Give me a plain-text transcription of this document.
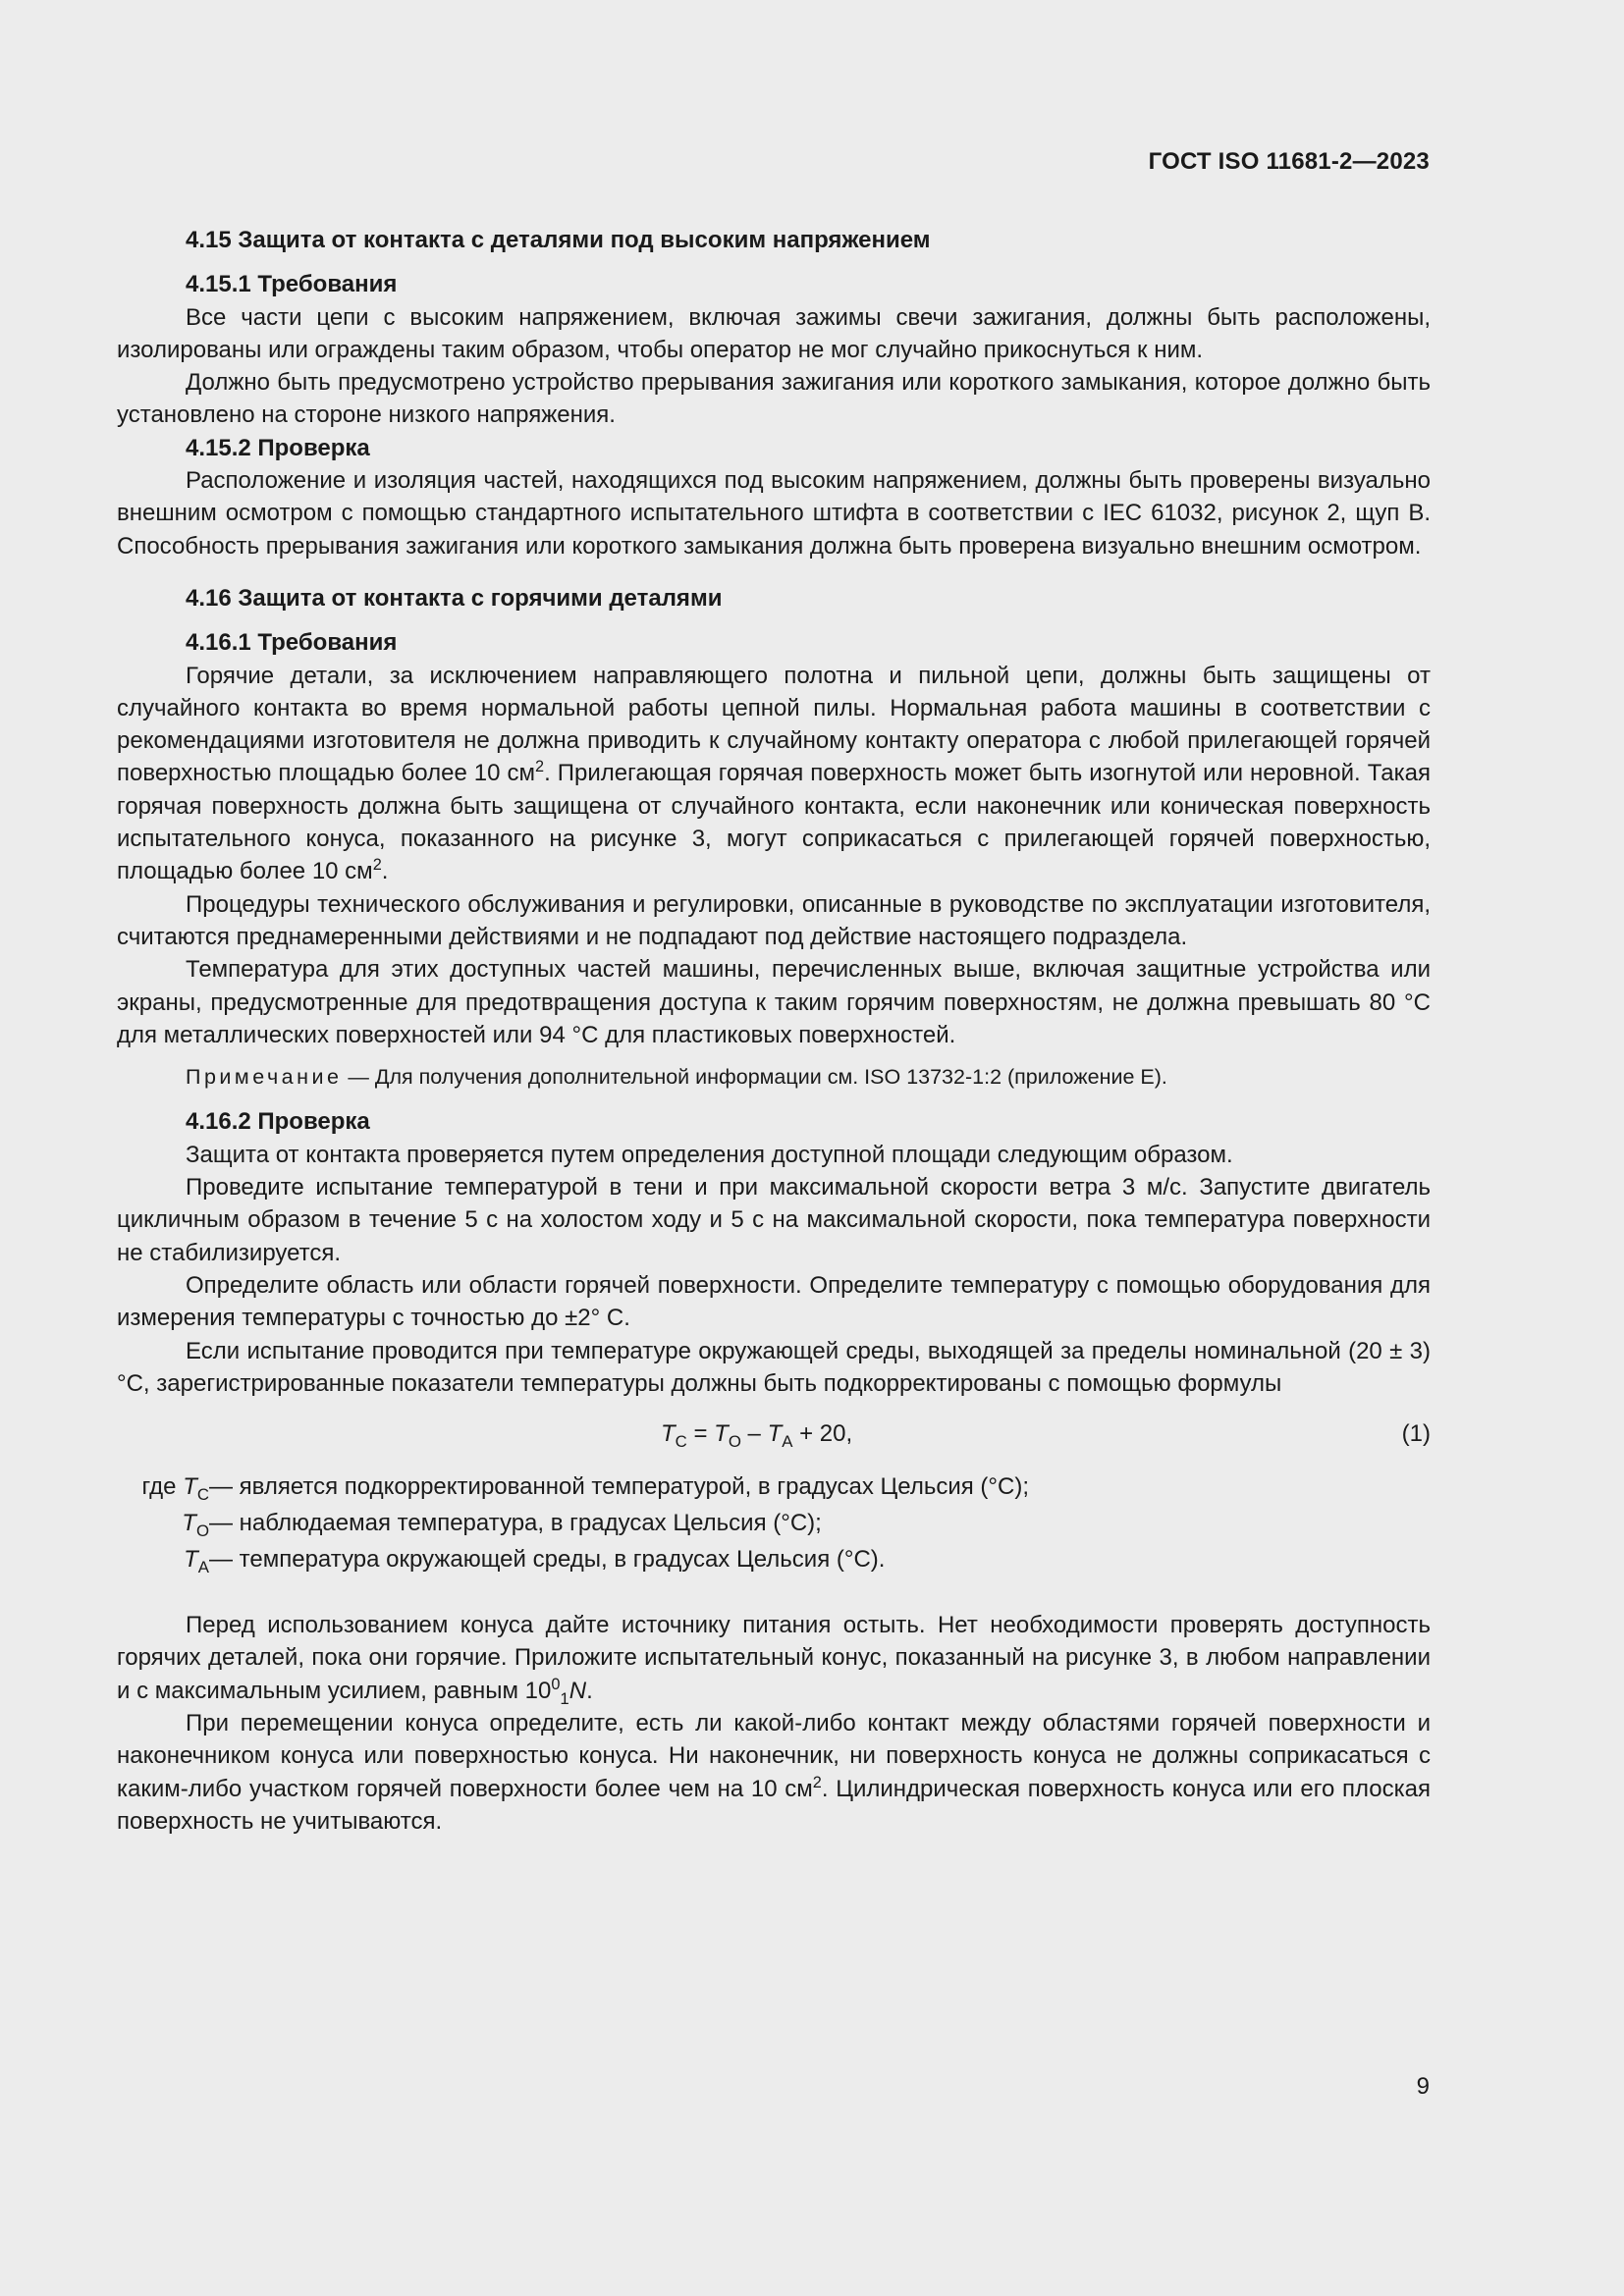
ГОСТ ISO 11681-2—2023
4.15 Защита от контакта с деталями под высоким напряжением
4.15.1 Требования

Все части цепи с высоким напряжением, включая зажимы свечи зажигания, должны быть расположены, изолированы или ограждены таким образом, чтобы оператор не мог случайно прикоснуться к ним.

Должно быть предусмотрено устройство прерывания зажигания или короткого замыкания, которое должно быть установлено на стороне низкого напряжения.

4.15.2 Проверка

Расположение и изоляция частей, находящихся под высоким напряжением, должны быть проверены визуально внешним осмотром с помощью стандартного испытательного штифта в соответствии с IEC 61032, рисунок 2, щуп B. Способность прерывания зажигания или короткого замыкания должна быть проверена визуально внешним осмотром.

4.16 Защита от контакта с горячими деталями
4.16.1 Требования

Горячие детали, за исключением направляющего полотна и пильной цепи, должны быть защищены от случайного контакта во время нормальной работы цепной пилы. Нормальная работа машины в соответствии с рекомендациями изготовителя не должна приводить к случайному контакту оператора с любой прилегающей горячей поверхностью площадью более 10 $см^2$. Прилегающая горячая поверхность может быть изогнутой или неровной. Такая горячая поверхность должна быть защищена от случайного контакта, если наконечник или коническая поверхность испытательного конуса, показанного на рисунке 3, могут соприкасаться с прилегающей горячей поверхностью, площадью более 10 $см^2$.

Процедуры технического обслуживания и регулировки, описанные в руководстве по эксплуатации изготовителя, считаются преднамеренными действиями и не подпадают под действие настоящего подраздела.

Температура для этих доступных частей машины, перечисленных выше, включая защитные устройства или экраны, предусмотренные для предотвращения доступа к таким горячим поверхностям, не должна превышать 80 °С для металлических поверхностей или 94 °С для пластиковых поверхностей.

Примечание — Для получения дополнительной информации см. ISO 13732-1:2 (приложение E).
4.16.2 Проверка

Защита от контакта проверяется путем определения доступной площади следующим образом.

Проведите испытание температурой в тени и при максимальной скорости ветра 3 м/с. Запустите двигатель цикличным образом в течение 5 с на холостом ходу и 5 с на максимальной скорости, пока температура поверхности не стабилизируется.

Определите область или области горячей поверхности. Определите температуру с помощью оборудования для измерения температуры с точностью до ±2° С.

Если испытание проводится при температуре окружающей среды, выходящей за пределы номинальной (20 ± 3) °С, зарегистрированные показатели температуры должны быть подкорректированы с помощью формулы

$T_С = T_О - T_A + 20$,	(1)
где $T_С$ — является подкорректированной температурой, в градусах Цельсия (°С);
$T_О$ — наблюдаемая температура, в градусах Цельсия (°С);
$T_A$ — температура окружающей среды, в градусах Цельсия (°С).

Перед использованием конуса дайте источнику питания остыть. Нет необходимости проверять доступность горячих деталей, пока они горячие. Приложите испытательный конус, показанный на рисунке 3, в любом направлении и с максимальным усилием, равным $10^0_1N$.

При перемещении конуса определите, есть ли какой-либо контакт между областями горячей поверхности и наконечником конуса или поверхностью конуса. Ни наконечник, ни поверхность конуса не должны соприкасаться с каким-либо участком горячей поверхности более чем на 10 $см^2$. Цилиндрическая поверхность конуса или его плоская поверхность не учитываются.

9
